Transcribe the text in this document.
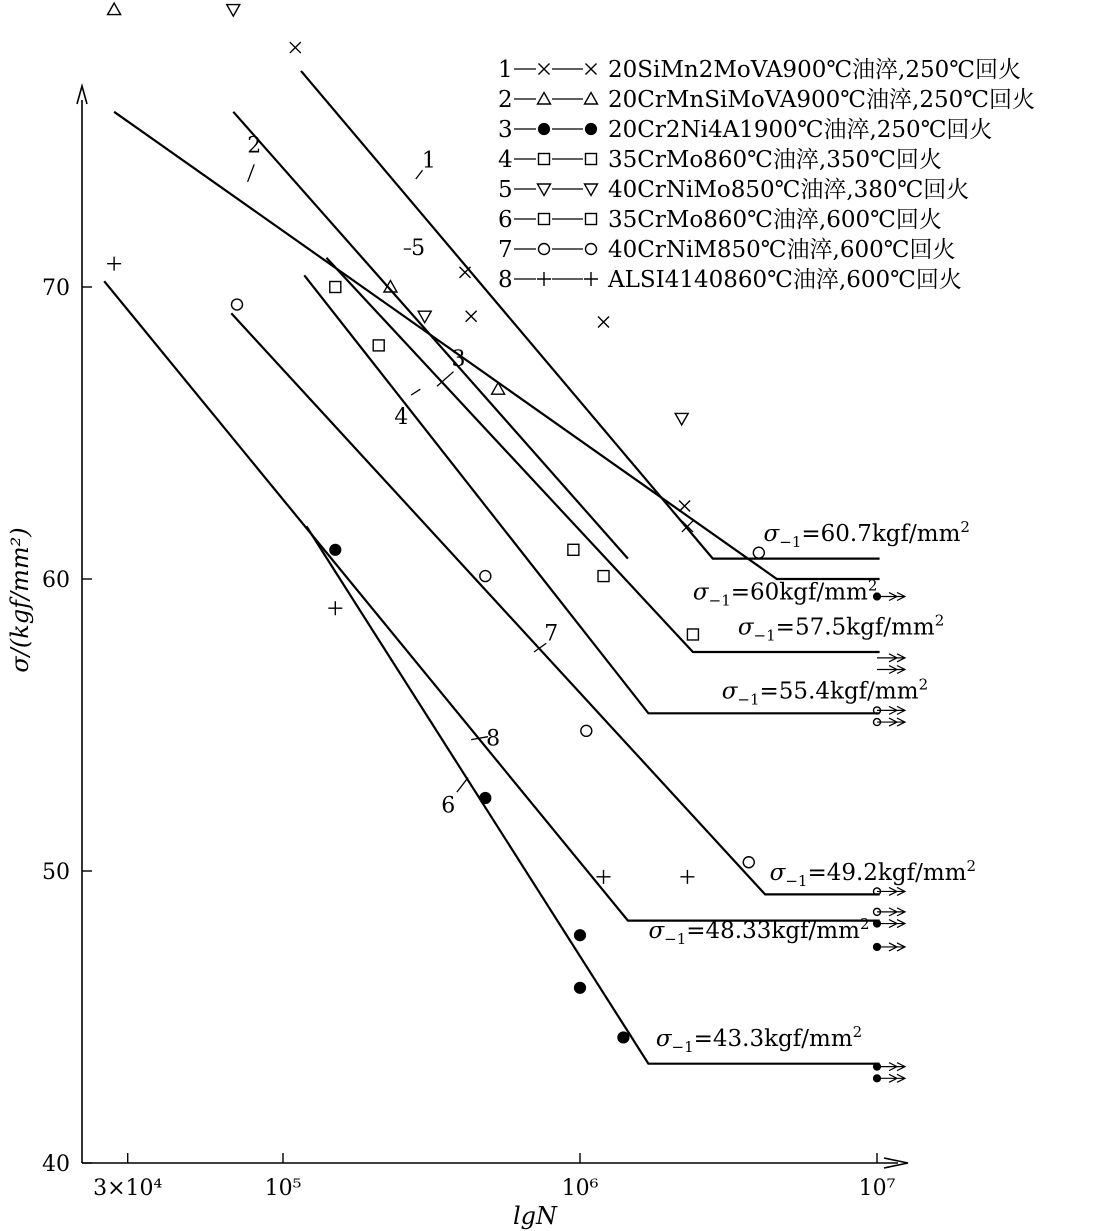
40
50
60
70
3×10⁴	10⁵	10⁶	10⁷
lgN
σ/(kgf/mm²)
1
2
3
4
5
6
7
8
$\sigma_{-1}=60.7kgf/mm^2$
$\sigma_{-1}=60kgf/mm^2$
$\sigma_{-1}=57.5kgf/mm^2$
$\sigma_{-1}=55.4kgf/mm^2$
$\sigma_{-1}=49.2kgf/mm^2$
$\sigma_{-1}=48.33kgf/mm^2$
$\sigma_{-1}=43.3kgf/mm^2$
1	20SiMn2MoVA900℃油淬,250℃回火
2	20CrMnSiMoVA900℃油淬,250℃回火
3	20Cr2Ni4A1900℃油淬,250℃回火
4	35CrMo860℃油淬,350℃回火
5	40CrNiMo850℃油淬,380℃回火
6	35CrMo860℃油淬,600℃回火
7	40CrNiM850℃油淬,600℃回火
8	ALSI4140860℃油淬,600℃回火
